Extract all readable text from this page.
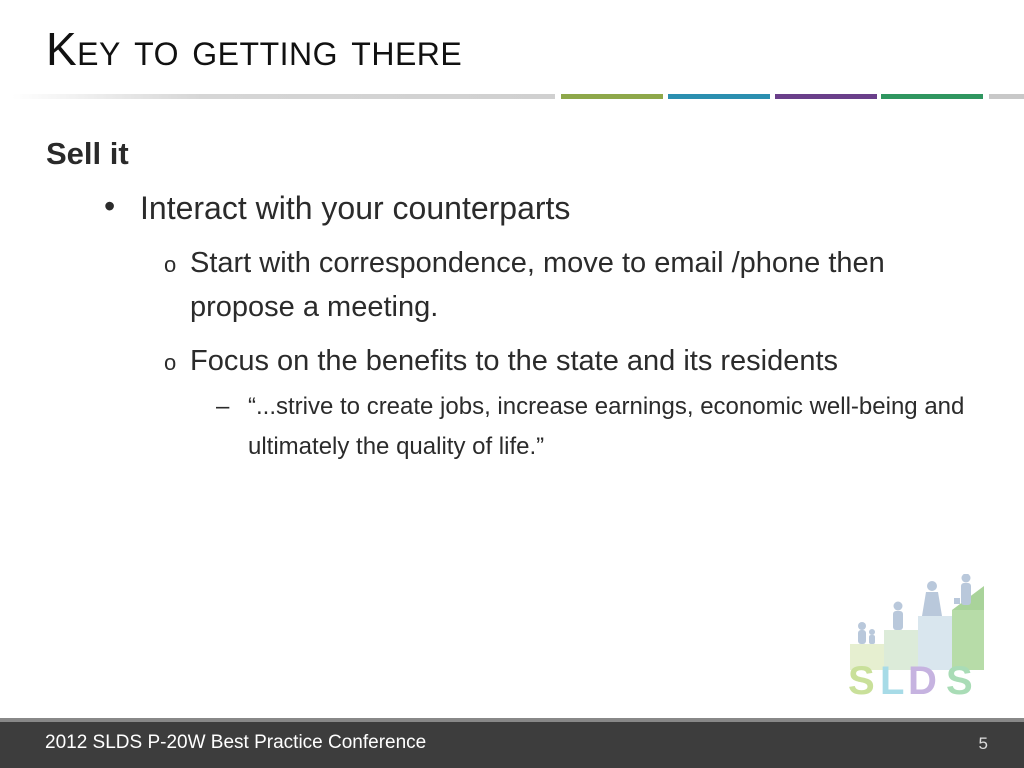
Key to getting there

Sell it

• Interact with your counterparts
o Start with correspondence, move to email /phone then propose a meeting.
o Focus on the benefits to the state and its residents
– “...strive to create jobs, increase earnings, economic well-being and ultimately the quality of life.”
S L D S
2012 SLDS P-20W Best Practice Conference	5
